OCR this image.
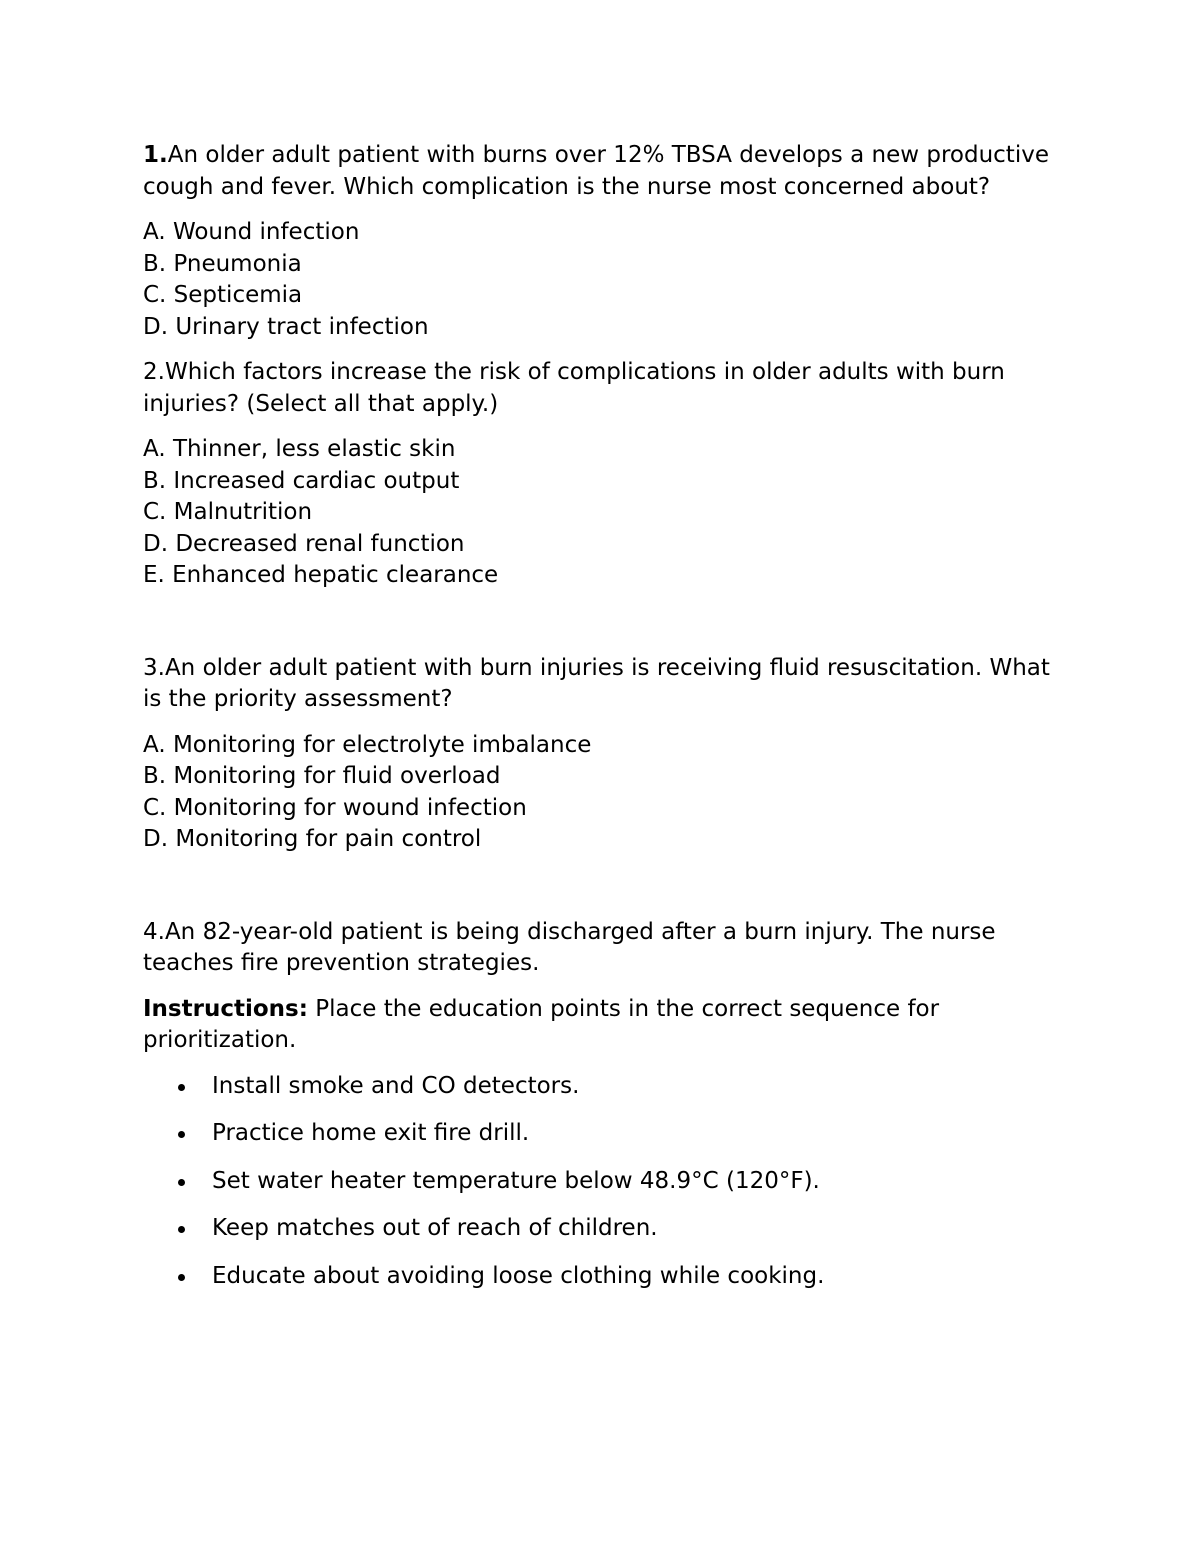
1.An older adult patient with burns over 12% TBSA develops a new productive cough and fever. Which complication is the nurse most concerned about?

A. Wound infection
B. Pneumonia
C. Septicemia
D. Urinary tract infection

2.Which factors increase the risk of complications in older adults with burn injuries? (Select all that apply.)

A. Thinner, less elastic skin
B. Increased cardiac output
C. Malnutrition
D. Decreased renal function
E. Enhanced hepatic clearance

3.An older adult patient with burn injuries is receiving fluid resuscitation. What is the priority assessment?

A. Monitoring for electrolyte imbalance
B. Monitoring for fluid overload
C. Monitoring for wound infection
D. Monitoring for pain control

4.An 82-year-old patient is being discharged after a burn injury. The nurse teaches fire prevention strategies.

Instructions: Place the education points in the correct sequence for prioritization.

Install smoke and CO detectors.
Practice home exit fire drill.
Set water heater temperature below 48.9°C (120°F).
Keep matches out of reach of children.
Educate about avoiding loose clothing while cooking.
